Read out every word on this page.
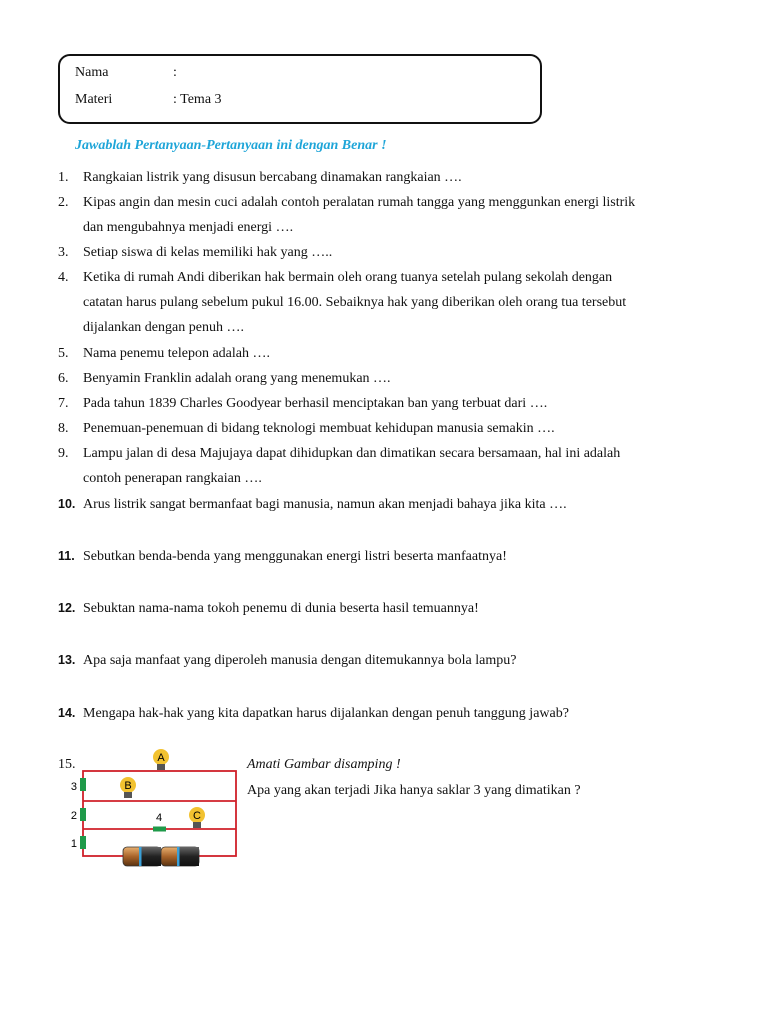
Nama	:
Materi	: Tema 3
Jawablah Pertanyaan-Pertanyaan ini dengan Benar !
1. Rangkaian listrik yang disusun bercabang dinamakan rangkaian ….
2. Kipas angin dan mesin cuci adalah contoh peralatan rumah tangga yang menggunkan energi listrik
dan mengubahnya menjadi energi ….
3. Setiap siswa di kelas memiliki hak yang …..
4. Ketika di rumah Andi diberikan hak bermain oleh orang tuanya setelah pulang sekolah dengan
catatan harus pulang sebelum pukul 16.00. Sebaiknya hak yang diberikan oleh orang tua tersebut
dijalankan dengan penuh ….
5. Nama penemu telepon adalah ….
6. Benyamin Franklin adalah orang yang menemukan ….
7. Pada tahun 1839 Charles Goodyear berhasil menciptakan ban yang terbuat dari ….
8. Penemuan-penemuan di bidang teknologi membuat kehidupan manusia semakin ….
9. Lampu jalan di desa Majujaya dapat dihidupkan dan dimatikan secara bersamaan, hal ini adalah
contoh penerapan rangkaian ….
10. Arus listrik sangat bermanfaat bagi manusia, namun akan menjadi bahaya jika kita ….
11. Sebutkan benda-benda yang menggunakan energi listri beserta manfaatnya!
12. Sebuktan nama-nama tokoh penemu di dunia beserta hasil temuannya!
13. Apa saja manfaat yang diperoleh manusia dengan ditemukannya bola lampu?
14. Mengapa hak-hak yang kita dapatkan harus dijalankan dengan penuh tanggung jawab?
15.	Amati Gambar disamping !
Apa yang akan terjadi Jika hanya saklar 3 yang dimatikan ?
3
2
1
4
A
B
C
